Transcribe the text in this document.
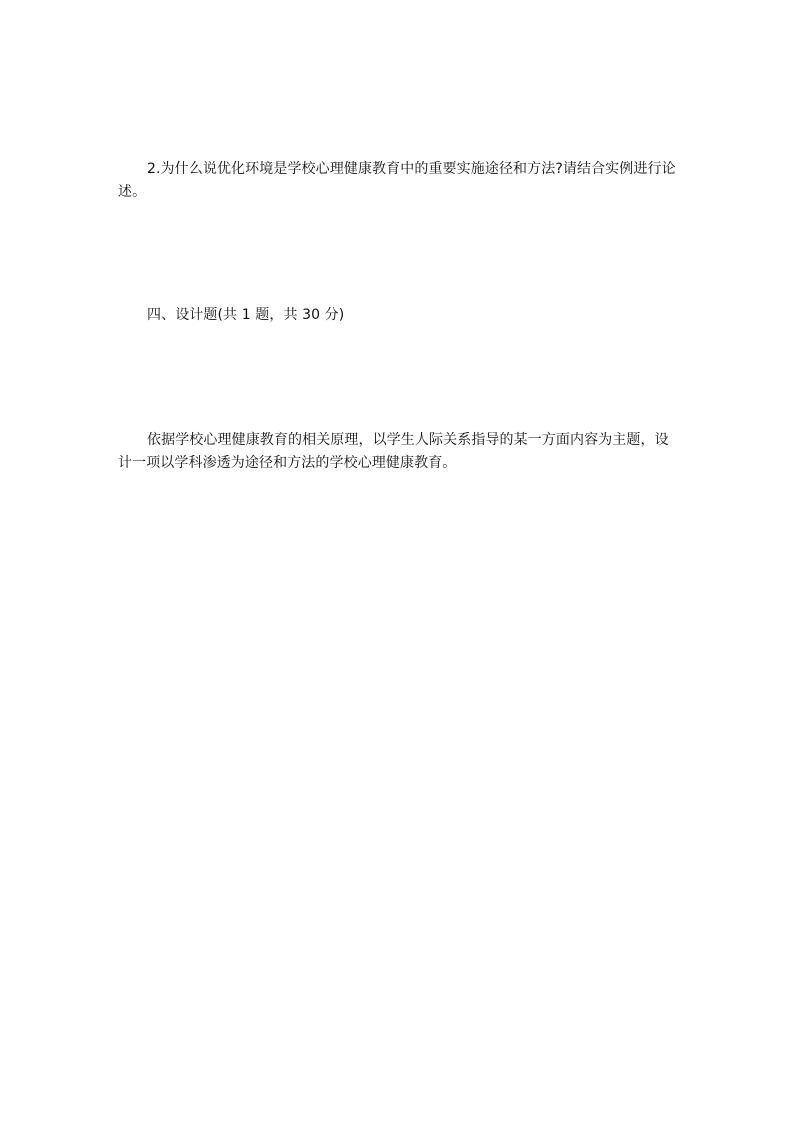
2.为什么说优化环境是学校心理健康教育中的重要实施途径和方法?请结合实例进行论述。

四、设计题(共 1 题，共 30 分)

依据学校心理健康教育的相关原理，以学生人际关系指导的某一方面内容为主题，设计一项以学科渗透为途径和方法的学校心理健康教育。
